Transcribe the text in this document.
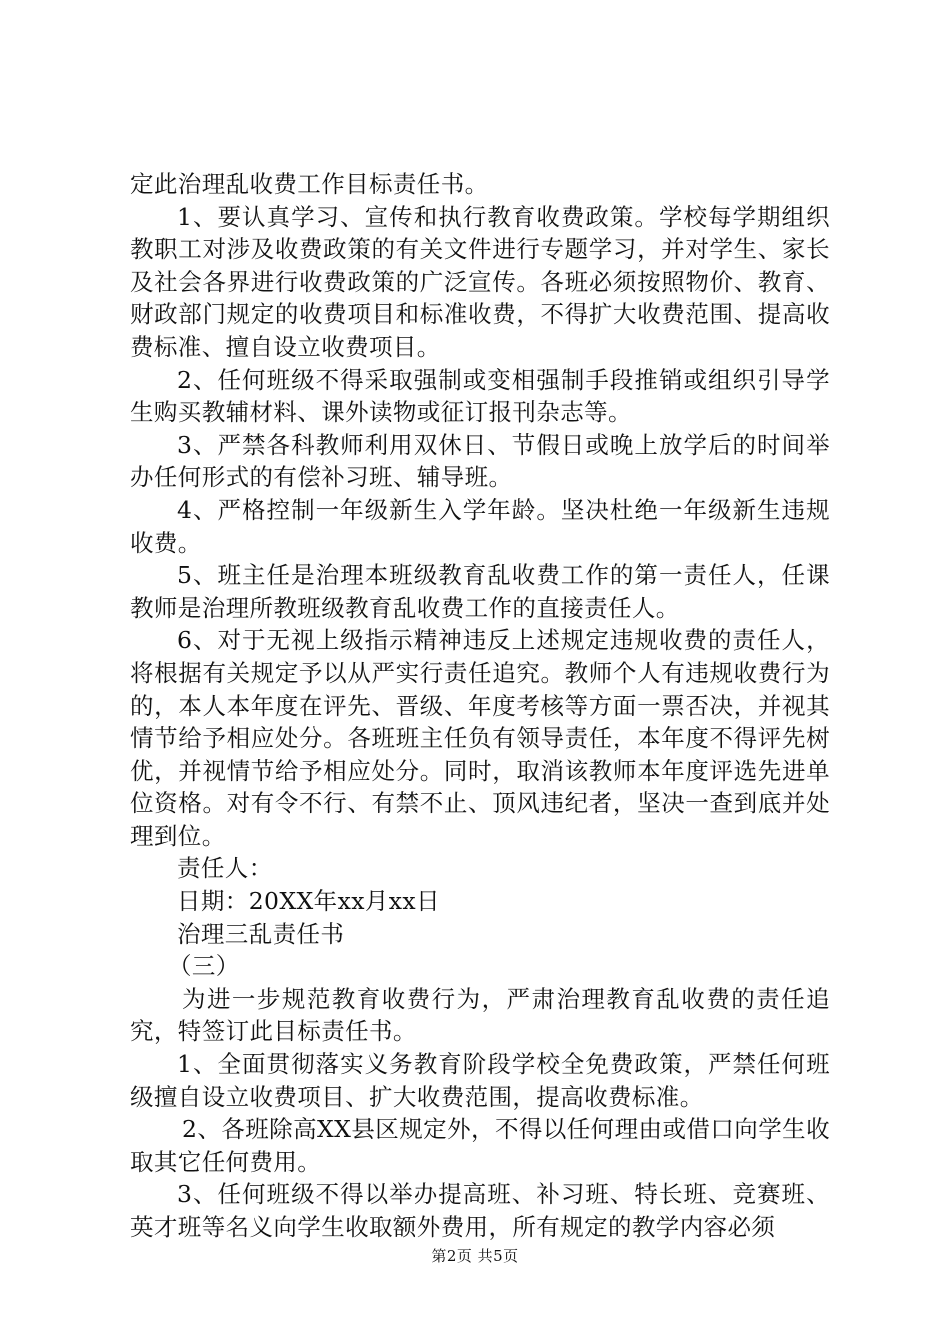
定此治理乱收费工作目标责任书。

1、要认真学习、宣传和执行教育收费政策。学校每学期组织教职工对涉及收费政策的有关文件进行专题学习，并对学生、家长及社会各界进行收费政策的广泛宣传。各班必须按照物价、教育、财政部门规定的收费项目和标准收费，不得扩大收费范围、提高收费标准、擅自设立收费项目。

2、任何班级不得采取强制或变相强制手段推销或组织引导学生购买教辅材料、课外读物或征订报刊杂志等。

3、严禁各科教师利用双休日、节假日或晚上放学后的时间举办任何形式的有偿补习班、辅导班。

4、严格控制一年级新生入学年龄。坚决杜绝一年级新生违规收费。

5、班主任是治理本班级教育乱收费工作的第一责任人，任课教师是治理所教班级教育乱收费工作的直接责任人。

6、对于无视上级指示精神违反上述规定违规收费的责任人，将根据有关规定予以从严实行责任追究。教师个人有违规收费行为的，本人本年度在评先、晋级、年度考核等方面一票否决，并视其情节给予相应处分。各班班主任负有领导责任，本年度不得评先树优，并视情节给予相应处分。同时，取消该教师本年度评选先进单位资格。对有令不行、有禁不止、顶风违纪者，坚决一查到底并处理到位。

责任人：

日期：20XX年xx月xx日

治理三乱责任书

（三）

为进一步规范教育收费行为，严肃治理教育乱收费的责任追究，特签订此目标责任书。

1、全面贯彻落实义务教育阶段学校全免费政策，严禁任何班级擅自设立收费项目、扩大收费范围，提高收费标准。

2、各班除高XX县区规定外，不得以任何理由或借口向学生收取其它任何费用。

3、任何班级不得以举办提高班、补习班、特长班、竞赛班、英才班等名义向学生收取额外费用，所有规定的教学内容必须

第2页 共5页
